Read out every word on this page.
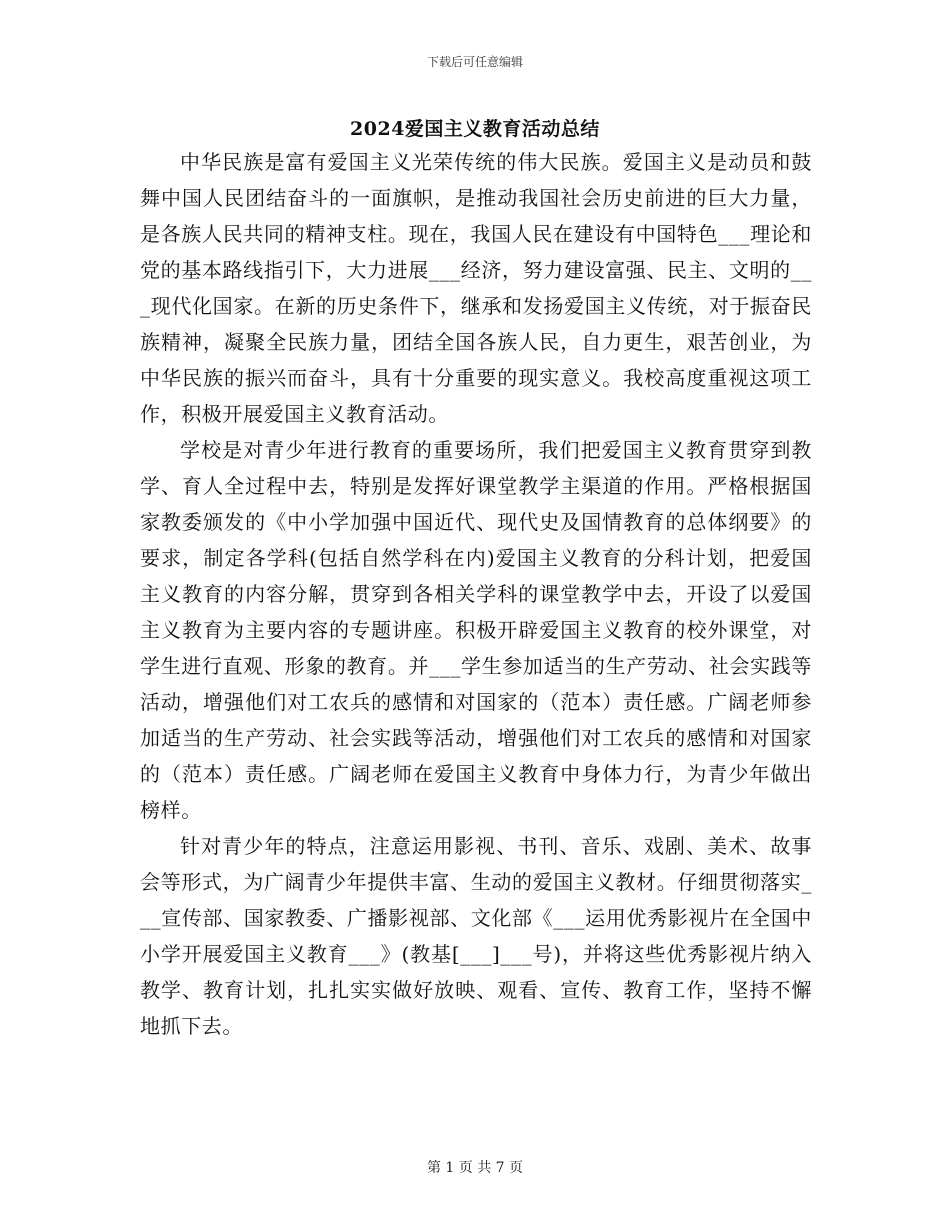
下载后可任意编辑
2024爱国主义教育活动总结

中华民族是富有爱国主义光荣传统的伟大民族。爱国主义是动员和鼓舞中国人民团结奋斗的一面旗帜，是推动我国社会历史前进的巨大力量，是各族人民共同的精神支柱。现在，我国人民在建设有中国特色___理论和党的基本路线指引下，大力进展___经济，努力建设富强、民主、文明的___现代化国家。在新的历史条件下，继承和发扬爱国主义传统，对于振奋民族精神，凝聚全民族力量，团结全国各族人民，自力更生，艰苦创业，为中华民族的振兴而奋斗，具有十分重要的现实意义。我校高度重视这项工作，积极开展爱国主义教育活动。

学校是对青少年进行教育的重要场所，我们把爱国主义教育贯穿到教学、育人全过程中去，特别是发挥好课堂教学主渠道的作用。严格根据国家教委颁发的《中小学加强中国近代、现代史及国情教育的总体纲要》的要求，制定各学科(包括自然学科在内)爱国主义教育的分科计划，把爱国主义教育的内容分解，贯穿到各相关学科的课堂教学中去，开设了以爱国主义教育为主要内容的专题讲座。积极开辟爱国主义教育的校外课堂，对学生进行直观、形象的教育。并___学生参加适当的生产劳动、社会实践等活动，增强他们对工农兵的感情和对国家的（范本）责任感。广阔老师参加适当的生产劳动、社会实践等活动，增强他们对工农兵的感情和对国家的（范本）责任感。广阔老师在爱国主义教育中身体力行，为青少年做出榜样。

针对青少年的特点，注意运用影视、书刊、音乐、戏剧、美术、故事会等形式，为广阔青少年提供丰富、生动的爱国主义教材。仔细贯彻落实___宣传部、国家教委、广播影视部、文化部《___运用优秀影视片在全国中小学开展爱国主义教育___》(教基[___]___号)，并将这些优秀影视片纳入教学、教育计划，扎扎实实做好放映、观看、宣传、教育工作，坚持不懈地抓下去。

第 1 页 共 7 页
